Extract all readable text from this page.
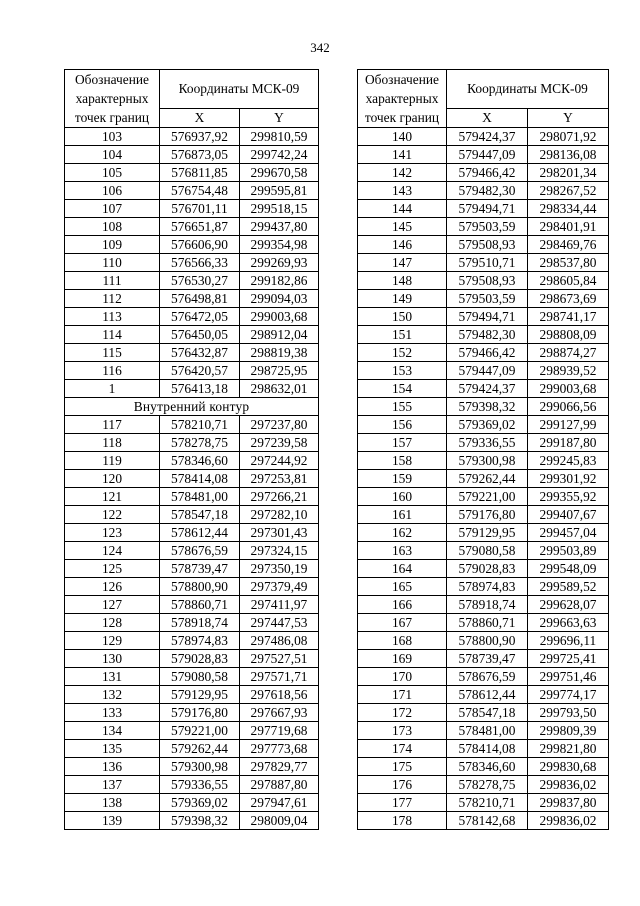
342
Обозначение характерных точек границ	Координаты МСК-09	
	X	Y
103	576937,92	299810,59
104	576873,05	299742,24
105	576811,85	299670,58
106	576754,48	299595,81
107	576701,11	299518,15
108	576651,87	299437,80
109	576606,90	299354,98
110	576566,33	299269,93
111	576530,27	299182,86
112	576498,81	299094,03
113	576472,05	299003,68
114	576450,05	298912,04
115	576432,87	298819,38
116	576420,57	298725,95
1	576413,18	298632,01
Внутренний контур		
117	578210,71	297237,80
118	578278,75	297239,58
119	578346,60	297244,92
120	578414,08	297253,81
121	578481,00	297266,21
122	578547,18	297282,10
123	578612,44	297301,43
124	578676,59	297324,15
125	578739,47	297350,19
126	578800,90	297379,49
127	578860,71	297411,97
128	578918,74	297447,53
129	578974,83	297486,08
130	579028,83	297527,51
131	579080,58	297571,71
132	579129,95	297618,56
133	579176,80	297667,93
134	579221,00	297719,68
135	579262,44	297773,68
136	579300,98	297829,77
137	579336,55	297887,80
138	579369,02	297947,61
139	579398,32	298009,04
Обозначение характерных точек границ	Координаты МСК-09	
	X	Y
140	579424,37	298071,92
141	579447,09	298136,08
142	579466,42	298201,34
143	579482,30	298267,52
144	579494,71	298334,44
145	579503,59	298401,91
146	579508,93	298469,76
147	579510,71	298537,80
148	579508,93	298605,84
149	579503,59	298673,69
150	579494,71	298741,17
151	579482,30	298808,09
152	579466,42	298874,27
153	579447,09	298939,52
154	579424,37	299003,68
155	579398,32	299066,56
156	579369,02	299127,99
157	579336,55	299187,80
158	579300,98	299245,83
159	579262,44	299301,92
160	579221,00	299355,92
161	579176,80	299407,67
162	579129,95	299457,04
163	579080,58	299503,89
164	579028,83	299548,09
165	578974,83	299589,52
166	578918,74	299628,07
167	578860,71	299663,63
168	578800,90	299696,11
169	578739,47	299725,41
170	578676,59	299751,46
171	578612,44	299774,17
172	578547,18	299793,50
173	578481,00	299809,39
174	578414,08	299821,80
175	578346,60	299830,68
176	578278,75	299836,02
177	578210,71	299837,80
178	578142,68	299836,02
